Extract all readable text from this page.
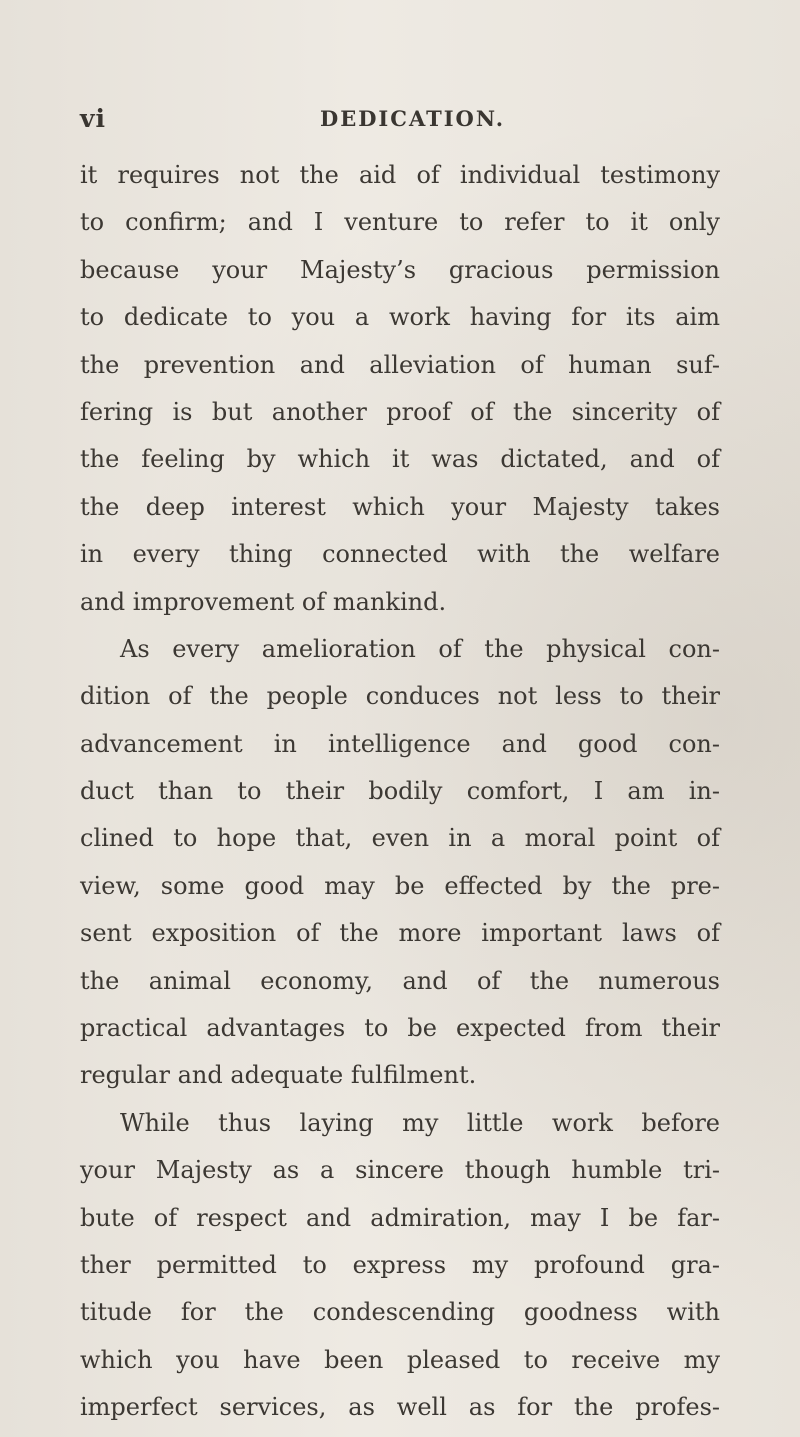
vi	DEDICATION.
it requires not the aid of individual testimony
to confirm; and I venture to refer to it only
because your Majesty’s gracious permission
to dedicate to you a work having for its aim
the prevention and alleviation of human suf-
fering is but another proof of the sincerity of
the feeling by which it was dictated, and of
the deep interest which your Majesty takes
in every thing connected with the welfare
and improvement of mankind.
As every amelioration of the physical con-
dition of the people conduces not less to their
advancement in intelligence and good con-
duct than to their bodily comfort, I am in-
clined to hope that, even in a moral point of
view, some good may be effected by the pre-
sent exposition of the more important laws of
the animal economy, and of the numerous
practical advantages to be expected from their
regular and adequate fulfilment.
While thus laying my little work before
your Majesty as a sincere though humble tri-
bute of respect and admiration, may I be far-
ther permitted to express my profound gra-
titude for the condescending goodness with
which you have been pleased to receive my
imperfect services, as well as for the profes-
